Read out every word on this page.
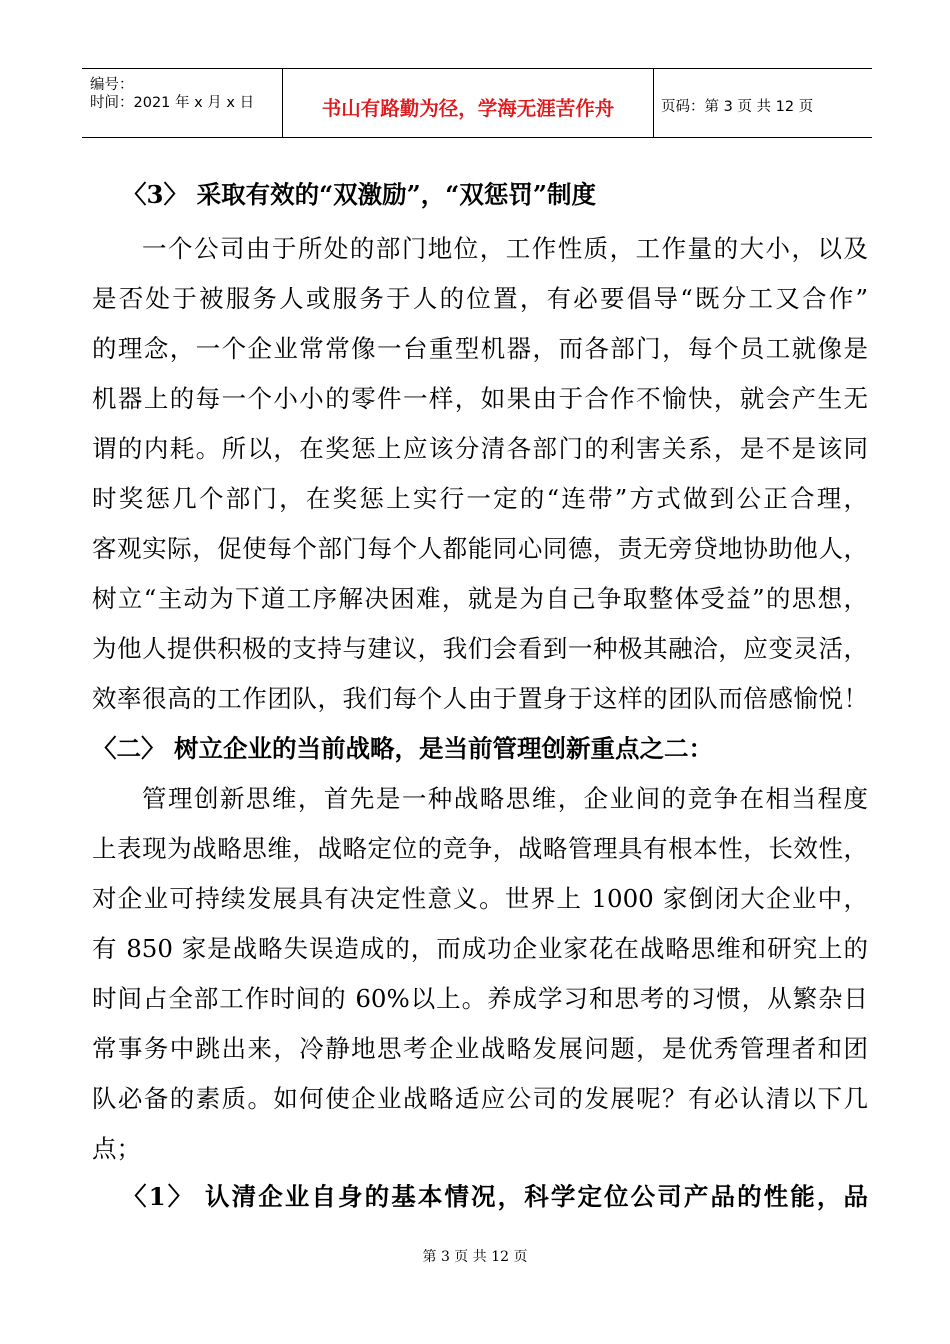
编号：
时间：2021 年 x 月 x 日	书山有路勤为径，学海无涯苦作舟	页码：第 3 页 共 12 页
〈3〉 采取有效的“双激励”，“双惩罚”制度
一个公司由于所处的部门地位，工作性质，工作量的大小，以及
是否处于被服务人或服务于人的位置，有必要倡导“既分工又合作”
的理念，一个企业常常像一台重型机器，而各部门，每个员工就像是
机器上的每一个小小的零件一样，如果由于合作不愉快，就会产生无
谓的内耗。所以，在奖惩上应该分清各部门的利害关系，是不是该同
时奖惩几个部门，在奖惩上实行一定的“连带”方式做到公正合理，
客观实际，促使每个部门每个人都能同心同德，责无旁贷地协助他人，
树立“主动为下道工序解决困难，就是为自己争取整体受益”的思想，
为他人提供积极的支持与建议，我们会看到一种极其融洽，应变灵活，
效率很高的工作团队，我们每个人由于置身于这样的团队而倍感愉悦！
〈二〉 树立企业的当前战略，是当前管理创新重点之二：
管理创新思维，首先是一种战略思维，企业间的竞争在相当程度
上表现为战略思维，战略定位的竞争，战略管理具有根本性，长效性，
对企业可持续发展具有决定性意义。世界上 1000 家倒闭大企业中，
有 850 家是战略失误造成的，而成功企业家花在战略思维和研究上的
时间占全部工作时间的 60%以上。养成学习和思考的习惯，从繁杂日
常事务中跳出来，冷静地思考企业战略发展问题，是优秀管理者和团
队必备的素质。如何使企业战略适应公司的发展呢？有必认清以下几
点；
〈1〉 认清企业自身的基本情况，科学定位公司产品的性能，品
第 3 页 共 12 页
